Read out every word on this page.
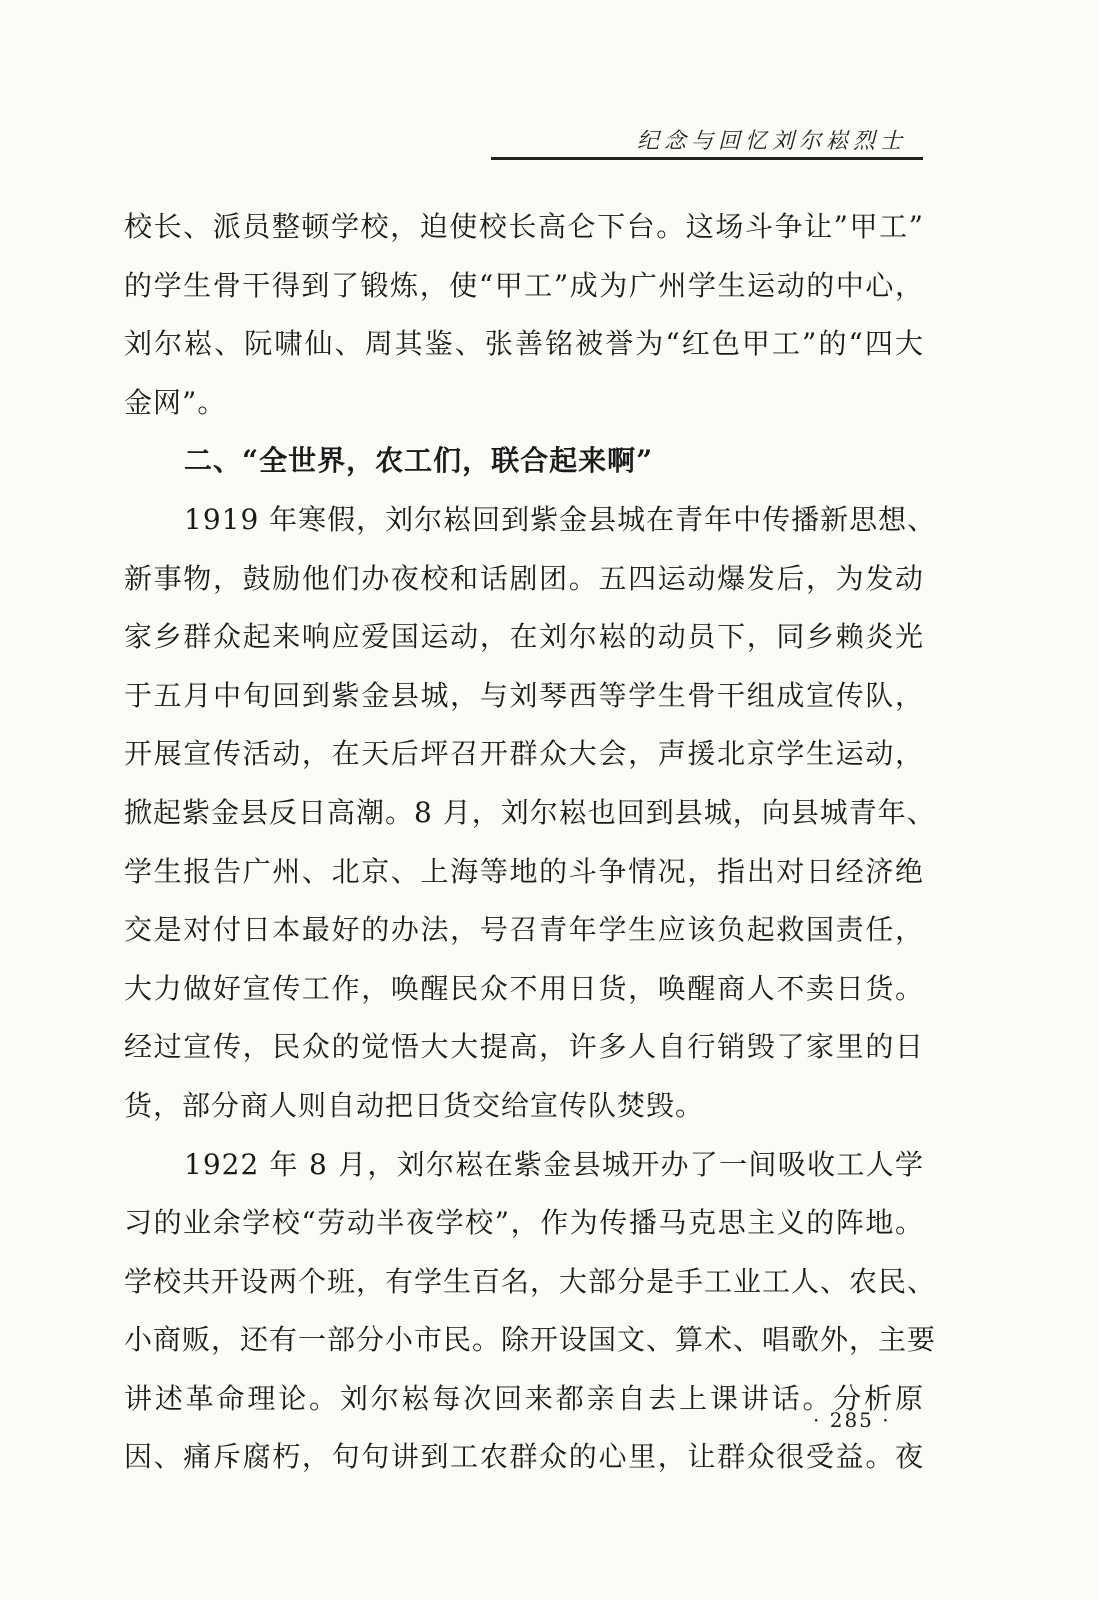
纪念与回忆刘尔崧烈士
校长、派员整顿学校，迫使校长高仑下台。这场斗争让”甲工”
的学生骨干得到了锻炼，使“甲工”成为广州学生运动的中心，
刘尔崧、阮啸仙、周其鉴、张善铭被誉为“红色甲工”的“四大
金网”。
二、“全世界，农工们，联合起来啊”
1919 年寒假，刘尔崧回到紫金县城在青年中传播新思想、
新事物，鼓励他们办夜校和话剧团。五四运动爆发后，为发动
家乡群众起来响应爱国运动，在刘尔崧的动员下，同乡赖炎光
于五月中旬回到紫金县城，与刘琴西等学生骨干组成宣传队，
开展宣传活动，在天后坪召开群众大会，声援北京学生运动，
掀起紫金县反日高潮。8 月，刘尔崧也回到县城，向县城青年、
学生报告广州、北京、上海等地的斗争情况，指出对日经济绝
交是对付日本最好的办法，号召青年学生应该负起救国责任，
大力做好宣传工作，唤醒民众不用日货，唤醒商人不卖日货。
经过宣传，民众的觉悟大大提高，许多人自行销毁了家里的日
货，部分商人则自动把日货交给宣传队焚毁。
1922 年 8 月，刘尔崧在紫金县城开办了一间吸收工人学
习的业余学校“劳动半夜学校”，作为传播马克思主义的阵地。
学校共开设两个班，有学生百名，大部分是手工业工人、农民、
小商贩，还有一部分小市民。除开设国文、算术、唱歌外，主要
讲述革命理论。刘尔崧每次回来都亲自去上课讲话。分析原
因、痛斥腐朽，句句讲到工农群众的心里，让群众很受益。夜
· 285 ·
